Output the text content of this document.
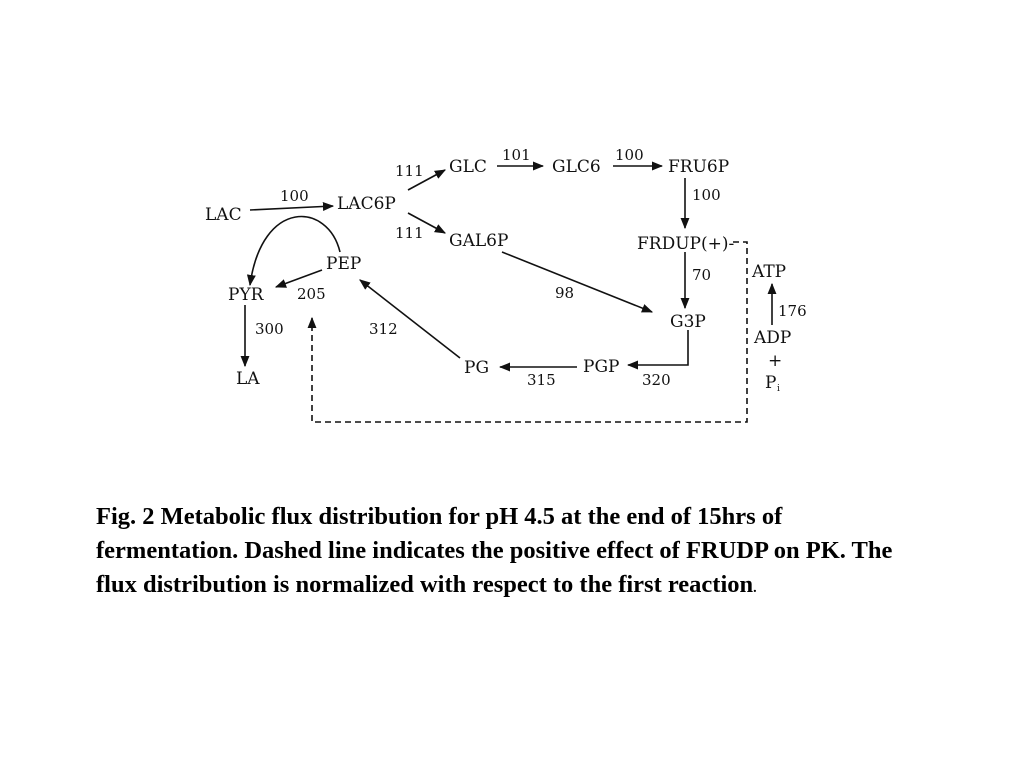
LAC
LAC6P
GLC	GLC6	FRU6P
GAL6P	FRDUP(+)-
G3P
PGP
PG
PEP
PYR
LA
ATP
ADP
+
P i
100
111
111
101	100
100
70
98
320
315
312
205
300
176

Fig. 2 Metabolic flux distribution for pH 4.5 at the end of 15hrs of fermentation. Dashed line indicates the positive effect of FRUDP on PK. The flux distribution is normalized with respect to the first reaction.
